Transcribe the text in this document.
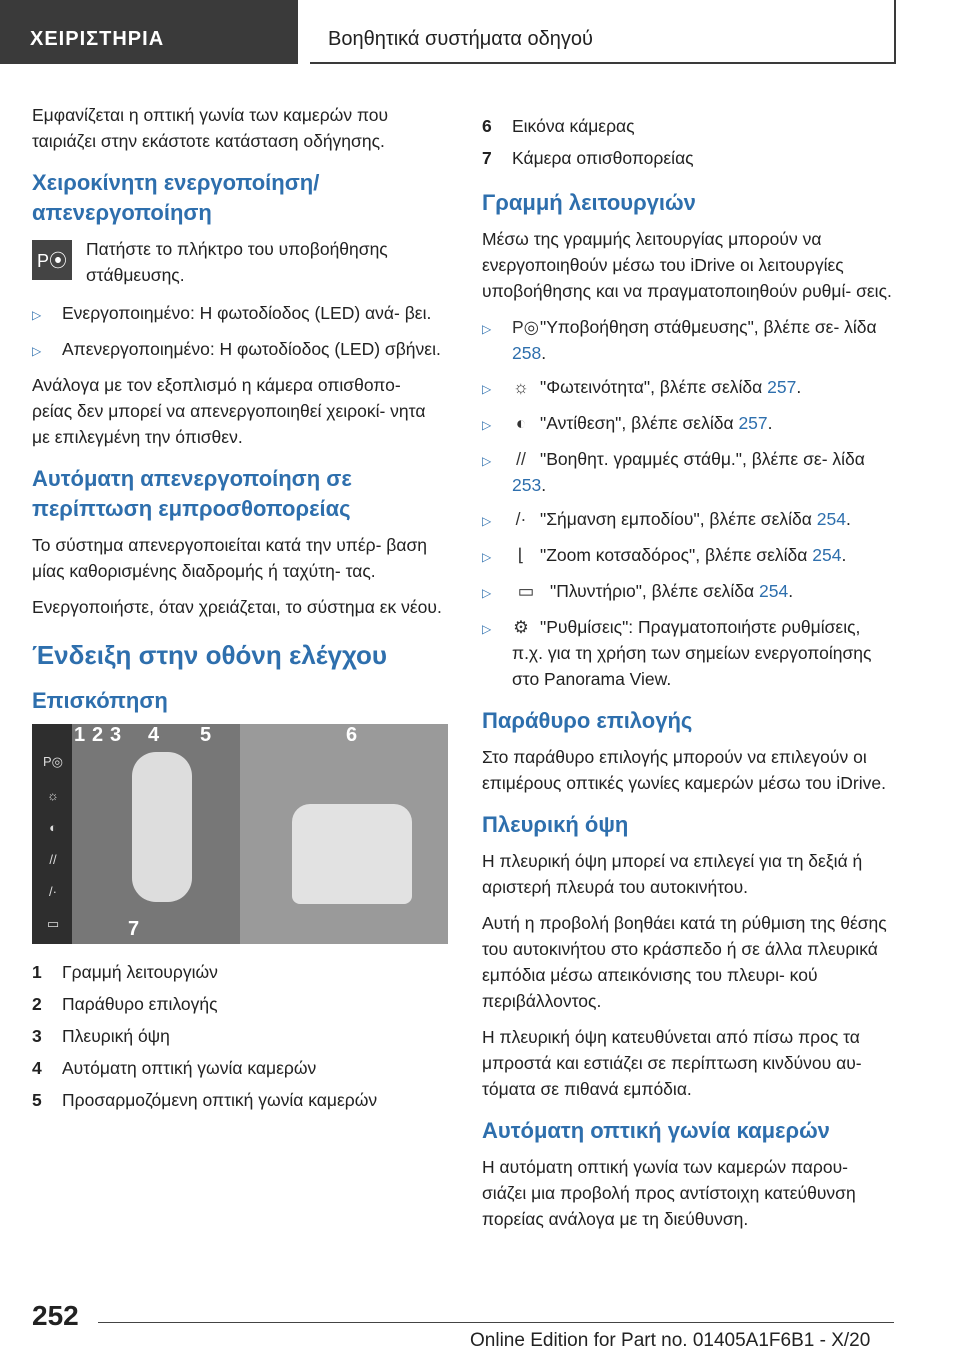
ΧΕΙΡΙΣΤΗΡΙΑ	Βοηθητικά συστήματα οδηγού

Εμφανίζεται η οπτική γωνία των καμερών που ταιριάζει στην εκάστοτε κατάσταση οδήγησης.

Χειροκίνητη ενεργοποίηση/ απενεργοποίηση
P⦿

Πατήστε το πλήκτρο του υποβοήθησης στάθμευσης.

▷	Ενεργοποιημένο: Η φωτοδίοδος (LED) ανά- βει.
▷	Απενεργοποιημένο: Η φωτοδίοδος (LED) σβήνει.

Ανάλογα με τον εξοπλισμό η κάμερα οπισθοπο- ρείας δεν μπορεί να απενεργοποιηθεί χειροκί- νητα με επιλεγμένη την όπισθεν.

Αυτόματη απενεργοποίηση σε περίπτωση εμπροσθοπορείας

Το σύστημα απενεργοποιείται κατά την υπέρ- βαση μίας καθορισμένης διαδρομής ή ταχύτη- τας.

Ενεργοποιήστε, όταν χρειάζεται, το σύστημα εκ νέου.

Ένδειξη στην οθόνη ελέγχου
Επισκόπηση
P◎
☼
◐
//
/·
▭
1 2 3 4 5	6
7
1	Γραμμή λειτουργιών
2	Παράθυρο επιλογής
3	Πλευρική όψη
4	Αυτόματη οπτική γωνία καμερών
5	Προσαρμοζόμενη οπτική γωνία καμερών
6	Εικόνα κάμερας
7	Κάμερα οπισθοπορείας
Γραμμή λειτουργιών

Μέσω της γραμμής λειτουργίας μπορούν να ενεργοποιηθούν μέσω του iDrive οι λειτουργίες υποβοήθησης και να πραγματοποιηθούν ρυθμί- σεις.

▷	P◎"Υποβοήθηση στάθμευσης", βλέπε σε- λίδα 258.
▷	☼ "Φωτεινότητα", βλέπε σελίδα 257.
▷	◐ "Αντίθεση", βλέπε σελίδα 257.
▷	// "Βοηθητ. γραμμές στάθμ.", βλέπε σε- λίδα 253.
▷	/· "Σήμανση εμποδίου", βλέπε σελίδα 254.
▷	⌊ "Zoom κοτσαδόρος", βλέπε σελίδα 254.
▷	▭ "Πλυντήριο", βλέπε σελίδα 254.
▷	⚙ "Ρυθμίσεις": Πραγματοποιήστε ρυθμίσεις, π.χ. για τη χρήση των σημείων ενεργοποίησης στο Panorama View.
Παράθυρο επιλογής

Στο παράθυρο επιλογής μπορούν να επιλεγούν οι επιμέρους οπτικές γωνίες καμερών μέσω του iDrive.

Πλευρική όψη

Η πλευρική όψη μπορεί να επιλεγεί για τη δεξιά ή αριστερή πλευρά του αυτοκινήτου.

Αυτή η προβολή βοηθάει κατά τη ρύθμιση της θέσης του αυτοκινήτου στο κράσπεδο ή σε άλλα πλευρικά εμπόδια μέσω απεικόνισης του πλευρι- κού περιβάλλοντος.

Η πλευρική όψη κατευθύνεται από πίσω προς τα μπροστά και εστιάζει σε περίπτωση κινδύνου αυ- τόματα σε πιθανά εμπόδια.

Αυτόματη οπτική γωνία καμερών

Η αυτόματη οπτική γωνία των καμερών παρου- σιάζει μια προβολή προς αντίστοιχη κατεύθυνση πορείας ανάλογα με τη διεύθυνση.

252
Online Edition for Part no. 01405A1F6B1 - X/20
